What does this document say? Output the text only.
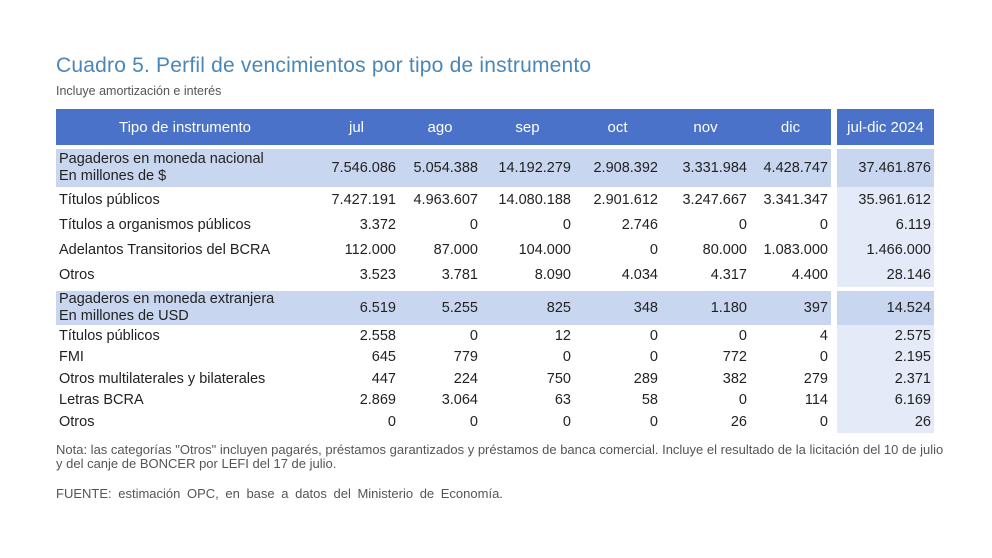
Cuadro 5. Perfil de vencimientos por tipo de instrumento
Incluye amortización e interés
Tipo de instrumento	jul	ago	sep	oct	nov	dic		jul-dic 2024

Pagaderos en moneda nacional
En millones de $	7.546.086	5.054.388	14.192.279	2.908.392	3.331.984	4.428.747		37.461.876
Títulos públicos	7.427.191	4.963.607	14.080.188	2.901.612	3.247.667	3.341.347		35.961.612
Títulos a organismos públicos	3.372	0	0	2.746	0	0		6.119
Adelantos Transitorios del BCRA	112.000	87.000	104.000	0	80.000	1.083.000		1.466.000
Otros	3.523	3.781	8.090	4.034	4.317	4.400		28.146

Pagaderos en moneda extranjera
En millones de USD	6.519	5.255	825	348	1.180	397		14.524
Títulos públicos	2.558	0	12	0	0	4		2.575
FMI	645	779	0	0	772	0		2.195
Otros multilaterales y bilaterales	447	224	750	289	382	279		2.371
Letras BCRA	2.869	3.064	63	58	0	114		6.169
Otros	0	0	0	0	26	0		26
Nota: las categorías "Otros" incluyen pagarés, préstamos garantizados y préstamos de banca comercial. Incluye el resultado de la licitación del 10 de julio y del canje de BONCER por LEFI del 17 de julio.
FUENTE: estimación OPC, en base a datos del Ministerio de Economía.
